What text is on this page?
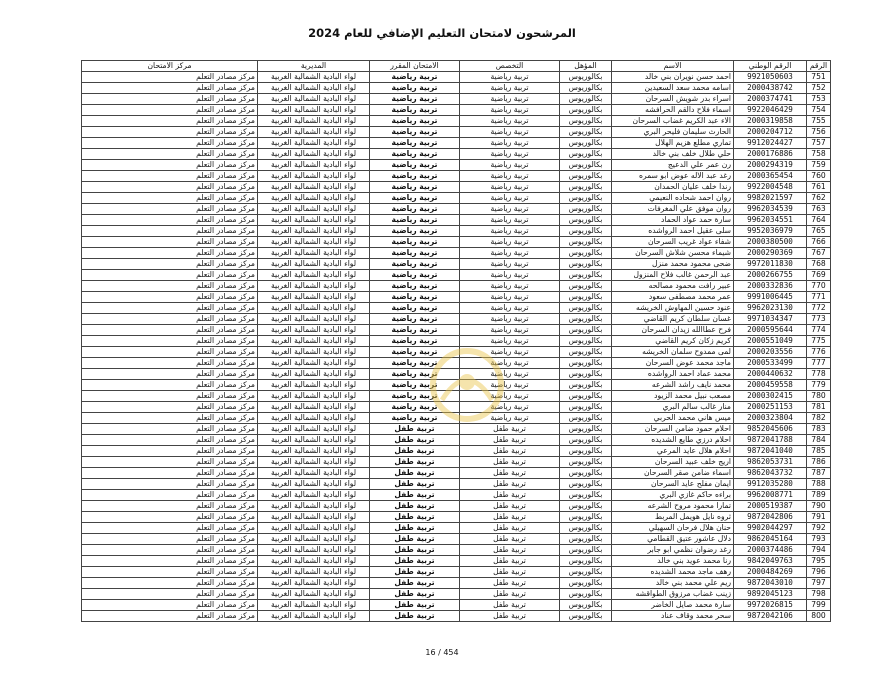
المرشحون لامتحان التعليم الإضافي للعام 2024
الرقم	الرقم الوطني	الاسم	المؤهل	التخصص	الامتحان المقرر	المديرية	مركز الامتحان
751	9921050603	احمد حسن نويران بني خالد	بكالوريوس	تربية رياضية	تربية رياضية	لواء البادية الشمالية الغربية	مركز مصادر التعلم
752	2000438742	اسامه محمد سعد السعيدين	بكالوريوس	تربية رياضية	تربية رياضية	لواء البادية الشمالية الغربية	مركز مصادر التعلم
753	2000374741	اسراء بدر شويش السرحان	بكالوريوس	تربية رياضية	تربية رياضية	لواء البادية الشمالية الغربية	مركز مصادر التعلم
754	9922046429	اسماء فلاح دالقم الحرافشه	بكالوريوس	تربية رياضية	تربية رياضية	لواء البادية الشمالية الغربية	مركز مصادر التعلم
755	2000319858	الاء عبد الكريم غضاب السرحان	بكالوريوس	تربية رياضية	تربية رياضية	لواء البادية الشمالية الغربية	مركز مصادر التعلم
756	2000204712	الحارث سليمان فليحر البري	بكالوريوس	تربية رياضية	تربية رياضية	لواء البادية الشمالية الغربية	مركز مصادر التعلم
757	9912024427	تماري مطلع هزيم الهلال	بكالوريوس	تربية رياضية	تربية رياضية	لواء البادية الشمالية الغربية	مركز مصادر التعلم
758	2000176886	حلي طلال خلف بني خالد	بكالوريوس	تربية رياضية	تربية رياضية	لواء البادية الشمالية الغربية	مركز مصادر التعلم
759	2000294319	رن عمر علي الدعيج	بكالوريوس	تربية رياضية	تربية رياضية	لواء البادية الشمالية الغربية	مركز مصادر التعلم
760	2000365454	رغد عبد الاله عوض ابو سمره	بكالوريوس	تربية رياضية	تربية رياضية	لواء البادية الشمالية الغربية	مركز مصادر التعلم
761	9922004548	رندا خلف عليان الحمدان	بكالوريوس	تربية رياضية	تربية رياضية	لواء البادية الشمالية الغربية	مركز مصادر التعلم
762	9982021597	روان احمد شحاده النعيمي	بكالوريوس	تربية رياضية	تربية رياضية	لواء البادية الشمالية الغربية	مركز مصادر التعلم
763	9962034539	روان موفق علي المغرفات	بكالوريوس	تربية رياضية	تربية رياضية	لواء البادية الشمالية الغربية	مركز مصادر التعلم
764	9962034551	سارة حمد عواد الحماد	بكالوريوس	تربية رياضية	تربية رياضية	لواء البادية الشمالية الغربية	مركز مصادر التعلم
765	9952036979	سلى عقيل احمد الرواشده	بكالوريوس	تربية رياضية	تربية رياضية	لواء البادية الشمالية الغربية	مركز مصادر التعلم
766	2000380500	شفاء عواد غريب السرحان	بكالوريوس	تربية رياضية	تربية رياضية	لواء البادية الشمالية الغربية	مركز مصادر التعلم
767	2000290369	شيماء محسن شلاش السرحان	بكالوريوس	تربية رياضية	تربية رياضية	لواء البادية الشمالية الغربية	مركز مصادر التعلم
768	9972011830	ضحى محمود محمد منزل	بكالوريوس	تربية رياضية	تربية رياضية	لواء البادية الشمالية الغربية	مركز مصادر التعلم
769	2000266755	عبد الرحمن غالب فلاح المنزول	بكالوريوس	تربية رياضية	تربية رياضية	لواء البادية الشمالية الغربية	مركز مصادر التعلم
770	2000332836	عبير رافت محمود مصالحه	بكالوريوس	تربية رياضية	تربية رياضية	لواء البادية الشمالية الغربية	مركز مصادر التعلم
771	9991006445	عمر محمد مصطفى سعود	بكالوريوس	تربية رياضية	تربية رياضية	لواء البادية الشمالية الغربية	مركز مصادر التعلم
772	9962023130	عنود حسين المهاوش الخريشه	بكالوريوس	تربية رياضية	تربية رياضية	لواء البادية الشمالية الغربية	مركز مصادر التعلم
773	9971034347	غسان سلطان كريم القاضي	بكالوريوس	تربية رياضية	تربية رياضية	لواء البادية الشمالية الغربية	مركز مصادر التعلم
774	2000595644	فرح عطاالله زيدان السرحان	بكالوريوس	تربية رياضية	تربية رياضية	لواء البادية الشمالية الغربية	مركز مصادر التعلم
775	2000551049	كريم زكان كريم القاضي	بكالوريوس	تربية رياضية	تربية رياضية	لواء البادية الشمالية الغربية	مركز مصادر التعلم
776	2000203556	لمى ممدوح سلمان الخريشه	بكالوريوس	تربية رياضية	تربية رياضية	لواء البادية الشمالية الغربية	مركز مصادر التعلم
777	2000533499	ماجد محمد عوض السرحان	بكالوريوس	تربية رياضية	تربية رياضية	لواء البادية الشمالية الغربية	مركز مصادر التعلم
778	2000440632	محمد عماد احمد الرواشده	بكالوريوس	تربية رياضية	تربية رياضية	لواء البادية الشمالية الغربية	مركز مصادر التعلم
779	2000459558	محمد نايف راشد الشرعه	بكالوريوس	تربية رياضية	تربية رياضية	لواء البادية الشمالية الغربية	مركز مصادر التعلم
780	2000302415	مصعب نبيل محمد الزيود	بكالوريوس	تربية رياضية	تربية رياضية	لواء البادية الشمالية الغربية	مركز مصادر التعلم
781	2000251153	منار غالب سالم البري	بكالوريوس	تربية رياضية	تربية رياضية	لواء البادية الشمالية الغربية	مركز مصادر التعلم
782	2000323804	ميس هاني محمد الحربي	بكالوريوس	تربية رياضية	تربية رياضية	لواء البادية الشمالية الغربية	مركز مصادر التعلم
783	9852045606	احلام حمود ضامن السرحان	بكالوريوس	تربية طفل	تربية طفل	لواء البادية الشمالية الغربية	مركز مصادر التعلم
784	9872041788	احلام درزي طايع الشديده	بكالوريوس	تربية طفل	تربية طفل	لواء البادية الشمالية الغربية	مركز مصادر التعلم
785	9872041040	احلام هلال عايد المرعي	بكالوريوس	تربية طفل	تربية طفل	لواء البادية الشمالية الغربية	مركز مصادر التعلم
786	9862053731	اريج خلف عبيد السرحان	بكالوريوس	تربية طفل	تربية طفل	لواء البادية الشمالية الغربية	مركز مصادر التعلم
787	9862043732	اسماء ضامن صقر السرحان	بكالوريوس	تربية طفل	تربية طفل	لواء البادية الشمالية الغربية	مركز مصادر التعلم
788	9912035280	ايمان مفلح عايد السرحان	بكالوريوس	تربية طفل	تربية طفل	لواء البادية الشمالية الغربية	مركز مصادر التعلم
789	9962008771	براءه حاكم غازي البري	بكالوريوس	تربية طفل	تربية طفل	لواء البادية الشمالية الغربية	مركز مصادر التعلم
790	2000519387	تمارا محمود مروح الشرعه	بكالوريوس	تربية طفل	تربية طفل	لواء البادية الشمالية الغربية	مركز مصادر التعلم
791	9872042806	ثروه نايل هويمل المربط	بكالوريوس	تربية طفل	تربية طفل	لواء البادية الشمالية الغربية	مركز مصادر التعلم
792	9902044297	حنان هلال فرحان السهيلي	بكالوريوس	تربية طفل	تربية طفل	لواء البادية الشمالية الغربية	مركز مصادر التعلم
793	9862045164	دلال عاشور عتيق القطامي	بكالوريوس	تربية طفل	تربية طفل	لواء البادية الشمالية الغربية	مركز مصادر التعلم
794	2000374486	رغد رضوان نظمي ابو جابر	بكالوريوس	تربية طفل	تربية طفل	لواء البادية الشمالية الغربية	مركز مصادر التعلم
795	9842049763	رنا محمد عويد بني خالد	بكالوريوس	تربية طفل	تربية طفل	لواء البادية الشمالية الغربية	مركز مصادر التعلم
796	2000484269	رهف ماجد محمد الشديده	بكالوريوس	تربية طفل	تربية طفل	لواء البادية الشمالية الغربية	مركز مصادر التعلم
797	9872043010	ريم علي محمد بني خالد	بكالوريوس	تربية طفل	تربية طفل	لواء البادية الشمالية الغربية	مركز مصادر التعلم
798	9892045123	زينب غضاب مرزوق الطواقشه	بكالوريوس	تربية طفل	تربية طفل	لواء البادية الشمالية الغربية	مركز مصادر التعلم
799	9972026815	سارة محمد صايل الخاضر	بكالوريوس	تربية طفل	تربية طفل	لواء البادية الشمالية الغربية	مركز مصادر التعلم
800	9872042106	سحر محمد وقاف عناد	بكالوريوس	تربية طفل	تربية طفل	لواء البادية الشمالية الغربية	مركز مصادر التعلم
16 / 454
